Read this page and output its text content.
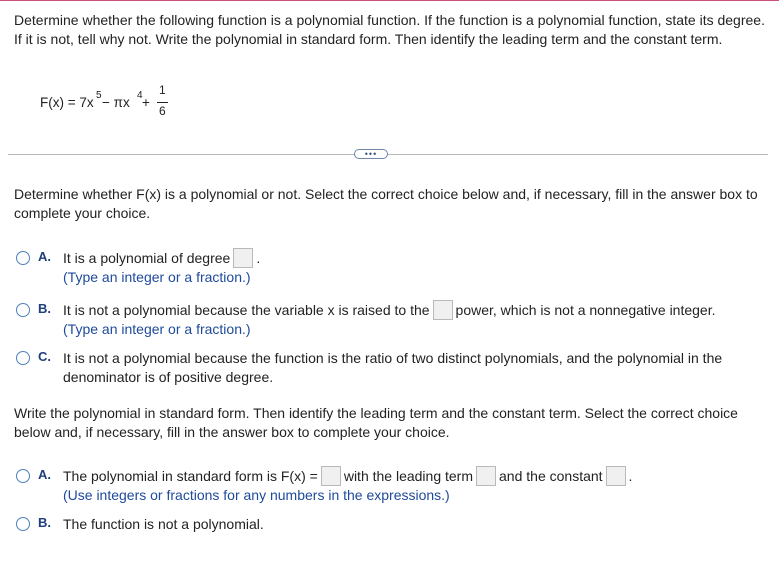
Determine whether the following function is a polynomial function. If the function is a polynomial function, state its degree. If it is not, tell why not. Write the polynomial in standard form. Then identify the leading term and the constant term.
F(x) = 7x 5 − πx 4 +
1
6
•••
Determine whether F(x) is a polynomial or not. Select the correct choice below and, if necessary, fill in the answer box to complete your choice.
A. It is a polynomial of degree .
(Type an integer or a fraction.)
B. It is not a polynomial because the variable x is raised to the power, which is not a nonnegative integer.
(Type an integer or a fraction.)
C. It is not a polynomial because the function is the ratio of two distinct polynomials, and the polynomial in the
denominator is of positive degree.
Write the polynomial in standard form. Then identify the leading term and the constant term. Select the correct choice below and, if necessary, fill in the answer box to complete your choice.
A. The polynomial in standard form is F(x) = with the leading term and the constant .
(Use integers or fractions for any numbers in the expressions.)
B. The function is not a polynomial.
